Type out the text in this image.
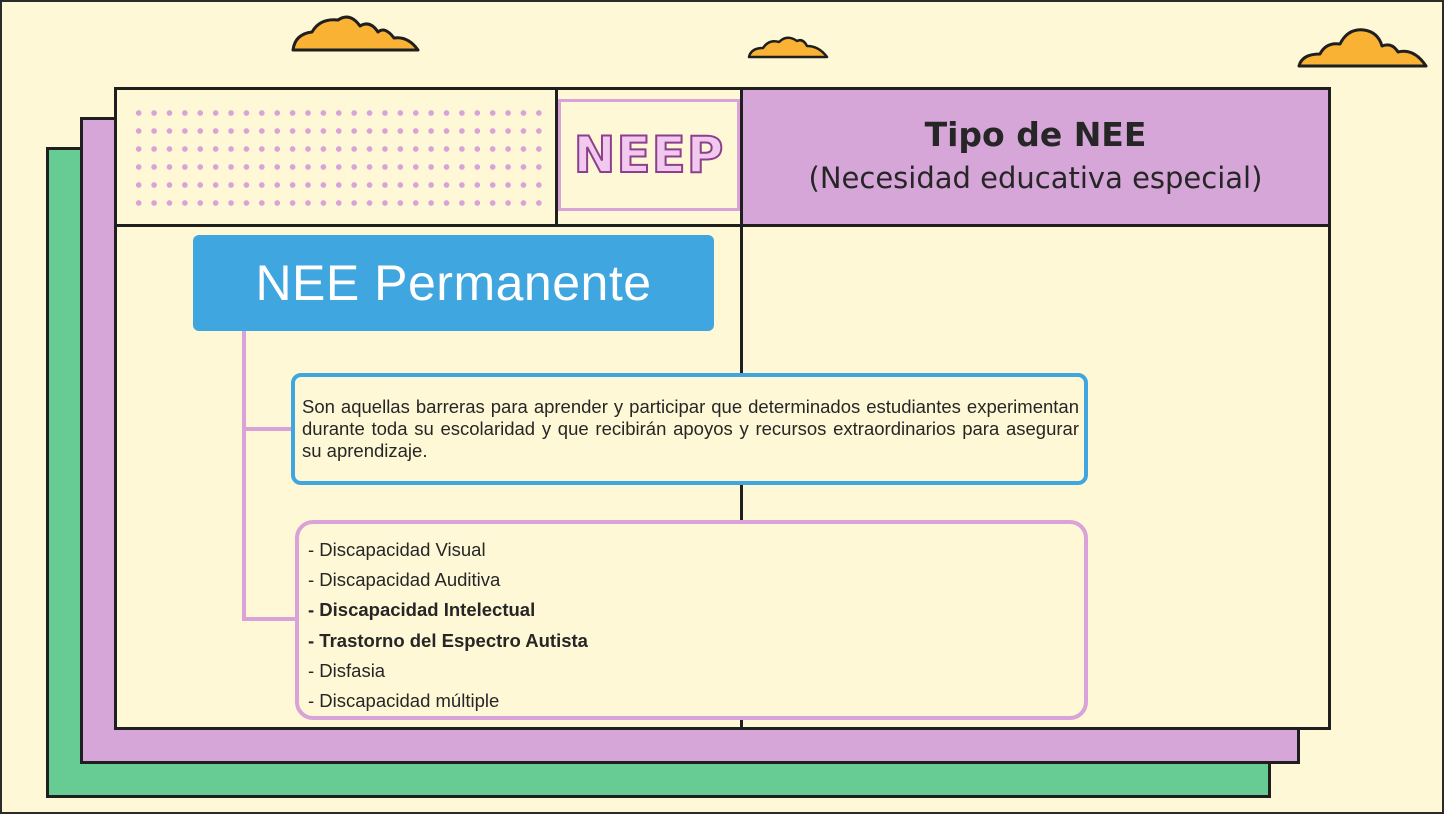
NEEP	Tipo de NEE
(Necesidad educativa especial)
NEE Permanente

Son aquellas barreras para aprender y participar que determinados estudiantes experimentan durante toda su escolaridad y que recibirán apoyos y recursos extraordinarios para asegurar su aprendizaje.

- Discapacidad Visual
- Discapacidad Auditiva
- Discapacidad Intelectual
- Trastorno del Espectro Autista
- Disfasia
- Discapacidad múltiple
